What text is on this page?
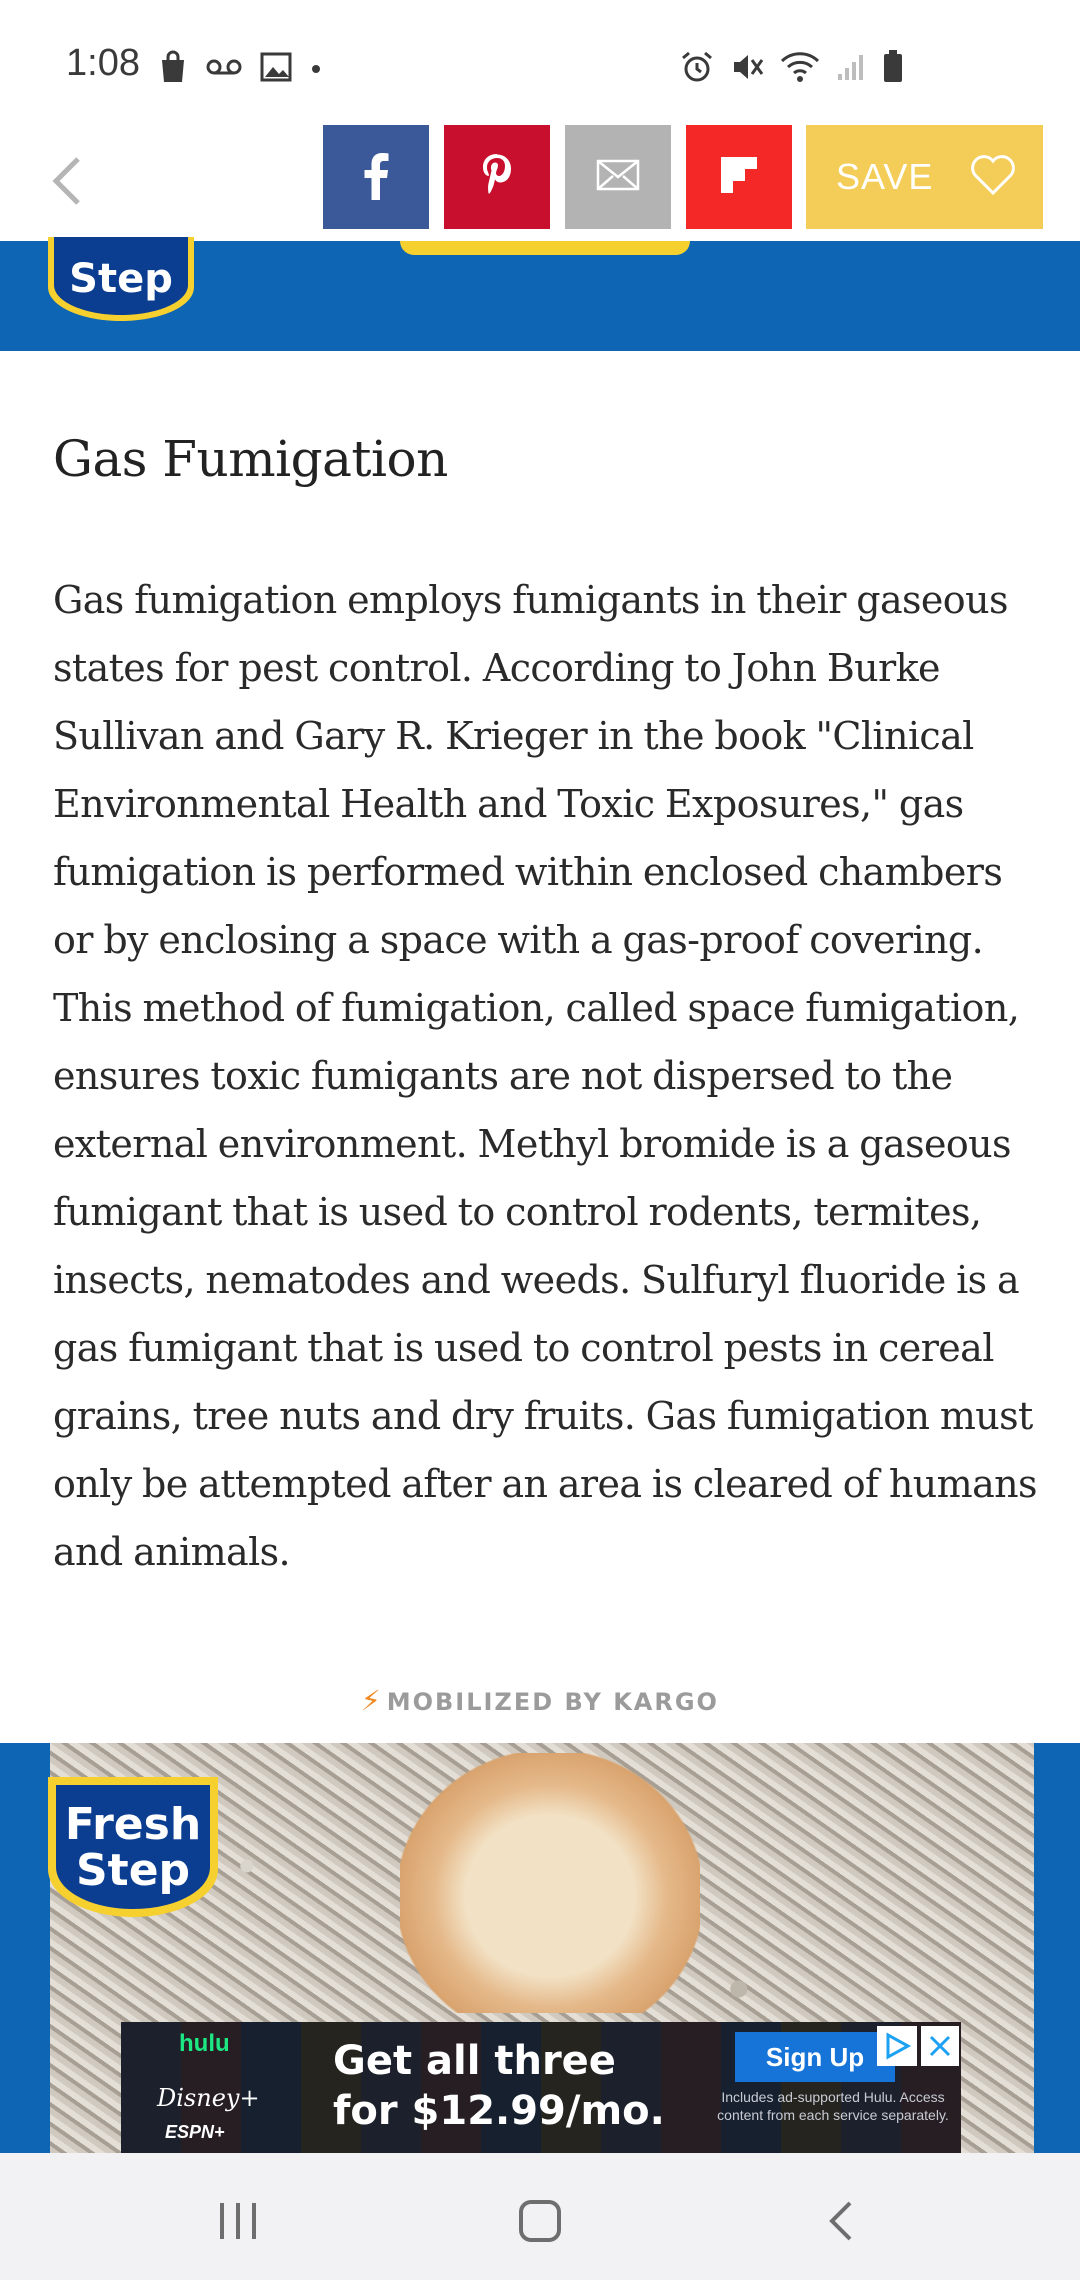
1:08
SAVE
Step
Gas Fumigation

Gas fumigation employs fumigants in their gaseous states for pest control. According to John Burke Sullivan and Gary R. Krieger in the book "Clinical Environmental Health and Toxic Exposures," gas fumigation is performed within enclosed chambers or by enclosing a space with a gas-proof covering. This method of fumigation, called space fumigation, ensures toxic fumigants are not dispersed to the external environment. Methyl bromide is a gaseous fumigant that is used to control rodents, termites, insects, nematodes and weeds. Sulfuryl fluoride is a gas fumigant that is used to control pests in cereal grains, tree nuts and dry fruits. Gas fumigation must only be attempted after an area is cleared of humans and animals.

⚡ MOBILIZED BY KARGO
Fresh
Step
hulu
Disney+
ESPN+
Get all three
for $12.99/mo.
Sign Up
Includes ad-supported Hulu. Access content from each service separately.
